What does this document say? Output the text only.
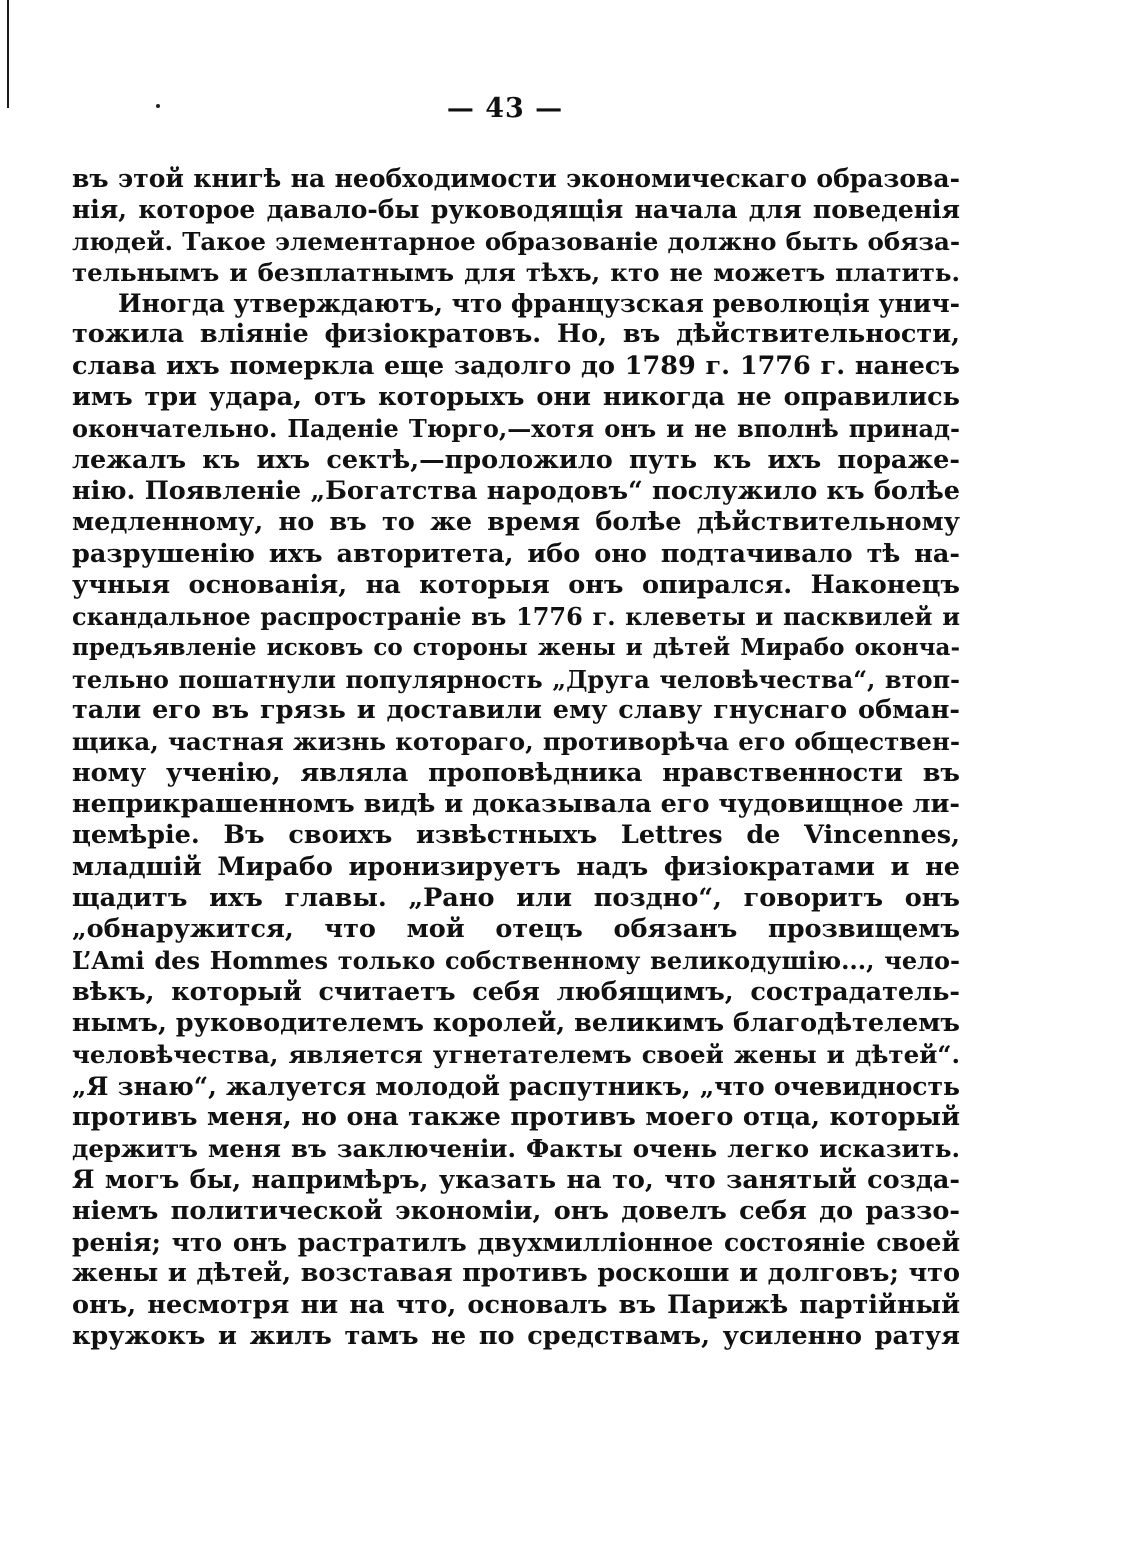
— 43 —
въ этой книгѣ на необходимости экономическаго образова-
нія, которое давало-бы руководящія начала для поведенія
людей. Такое элементарное образованіе должно быть обяза-
тельнымъ и безплатнымъ для тѣхъ, кто не можетъ платить.
Иногда утверждаютъ, что французская революція унич-
тожила вліяніе физіократовъ. Но, въ дѣйствительности,
слава ихъ померкла еще задолго до 1789 г. 1776 г. нанесъ
имъ три удара, отъ которыхъ они никогда не оправились
окончательно. Паденіе Тюрго,—хотя онъ и не вполнѣ принад-
лежалъ къ ихъ сектѣ,—проложило путь къ ихъ пораже-
нію. Появленіе „Богатства народовъ“ послужило къ болѣе
медленному, но въ то же время болѣе дѣйствительному
разрушенію ихъ авторитета, ибо оно подтачивало тѣ на-
учныя основанія, на которыя онъ опирался. Наконецъ
скандальное распространіе въ 1776 г. клеветы и пасквилей и
предъявленіе исковъ со стороны жены и дѣтей Мирабо оконча-
тельно пошатнули популярность „Друга человѣчества“, втоп-
тали его въ грязь и доставили ему славу гнуснаго обман-
щика, частная жизнь котораго, противорѣча его обществен-
ному ученію, являла проповѣдника нравственности въ
неприкрашенномъ видѣ и доказывала его чудовищное ли-
цемѣріе. Въ своихъ извѣстныхъ Lettres de Vincennes,
младшій Мирабо иронизируетъ надъ физіократами и не
щадитъ ихъ главы. „Рано или поздно“, говоритъ онъ
„обнаружится, что мой отецъ обязанъ прозвищемъ
L’Ami des Hommes только собственному великодушію..., чело-
вѣкъ, который считаетъ себя любящимъ, сострадатель-
нымъ, руководителемъ королей, великимъ благодѣтелемъ
человѣчества, является угнетателемъ своей жены и дѣтей“.
„Я знаю“, жалуется молодой распутникъ, „что очевидность
противъ меня, но она также противъ моего отца, который
держитъ меня въ заключеніи. Факты очень легко исказить.
Я могъ бы, напримѣръ, указать на то, что занятый созда-
ніемъ политической экономіи, онъ довелъ себя до раззо-
ренія; что онъ растратилъ двухмилліонное состояніе своей
жены и дѣтей, возставая противъ роскоши и долговъ; что
онъ, несмотря ни на что, основалъ въ Парижѣ партійный
кружокъ и жилъ тамъ не по средствамъ, усиленно ратуя
